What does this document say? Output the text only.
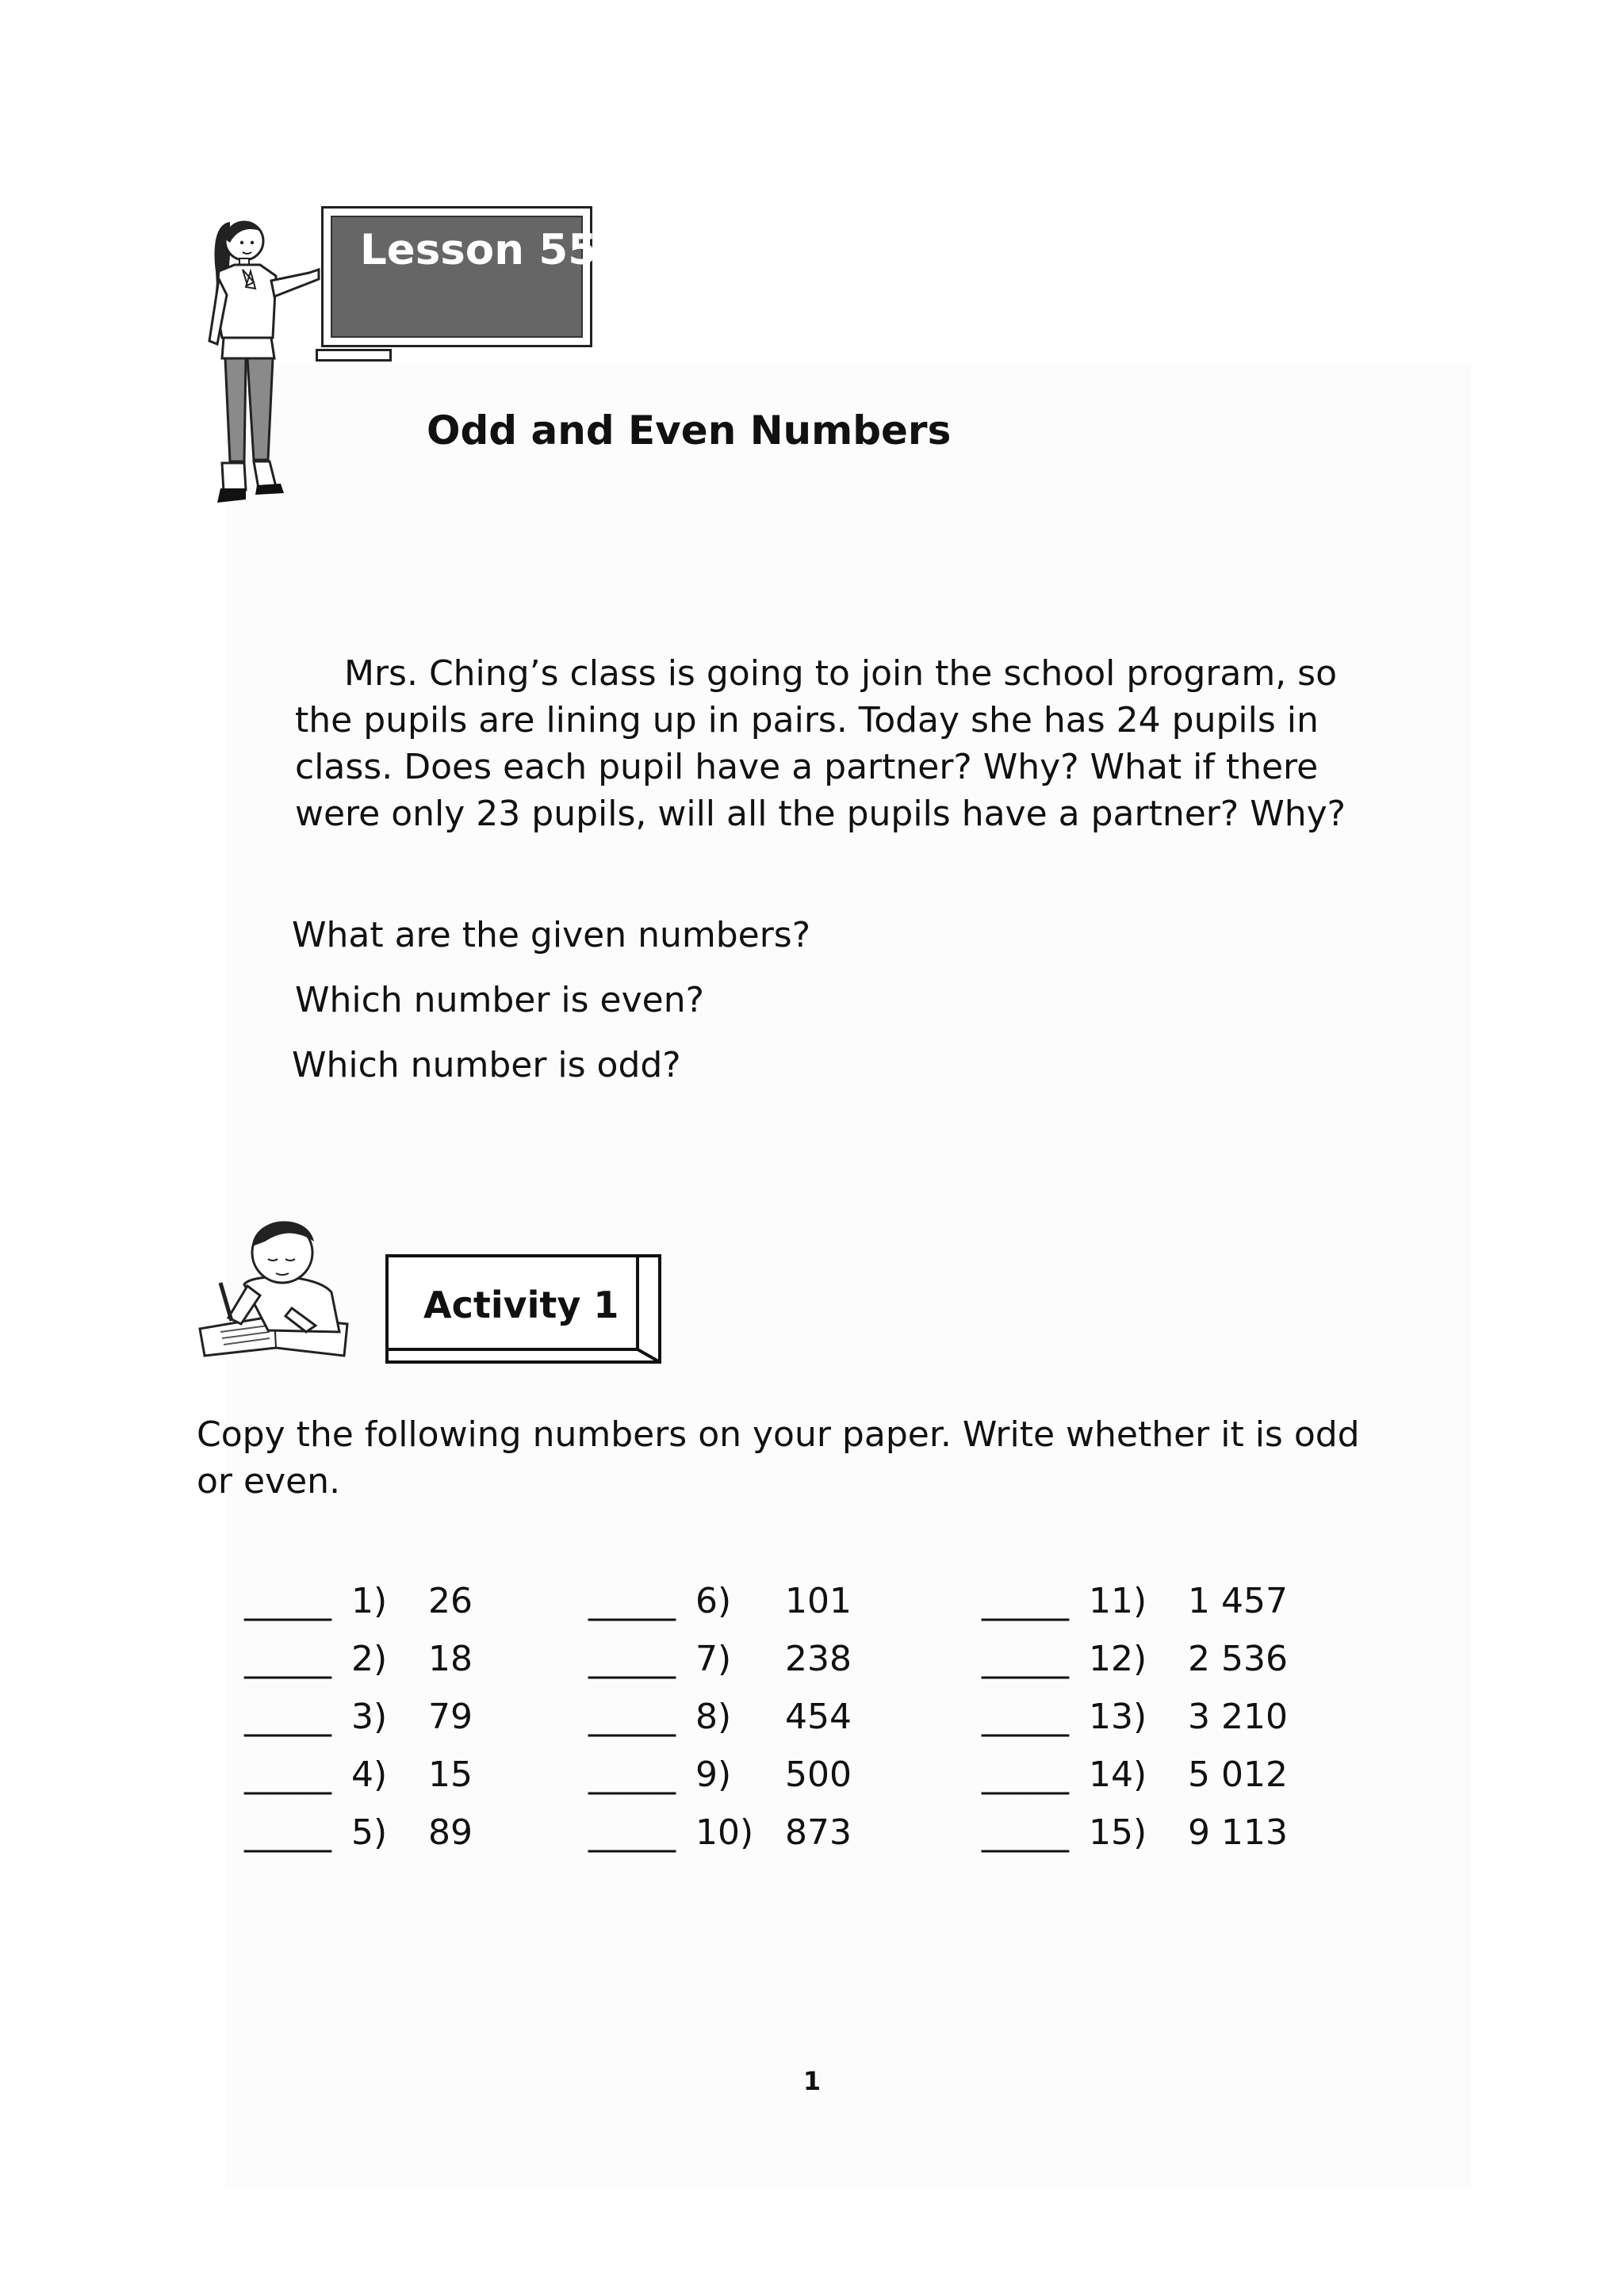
Lesson 55
Odd and Even Numbers
Mrs. Ching’s class is going to join the school program, so
the pupils are lining up in pairs. Today she has 24 pupils in
class. Does each pupil have a partner? Why? What if there
were only 23 pupils, will all the pupils have a partner? Why?
What are the given numbers?
Which number is even?
Which number is odd?
Activity 1
Copy the following numbers on your paper. Write whether it is odd
or even.
_____ 1) 26
_____ 2) 18
_____ 3) 79
_____ 4) 15
_____ 5) 89
_____ 6) 101
_____ 7) 238
_____ 8) 454
_____ 9) 500
_____ 10) 873
_____ 11) 1 457
_____ 12) 2 536
_____ 13) 3 210
_____ 14) 5 012
_____ 15) 9 113
1
